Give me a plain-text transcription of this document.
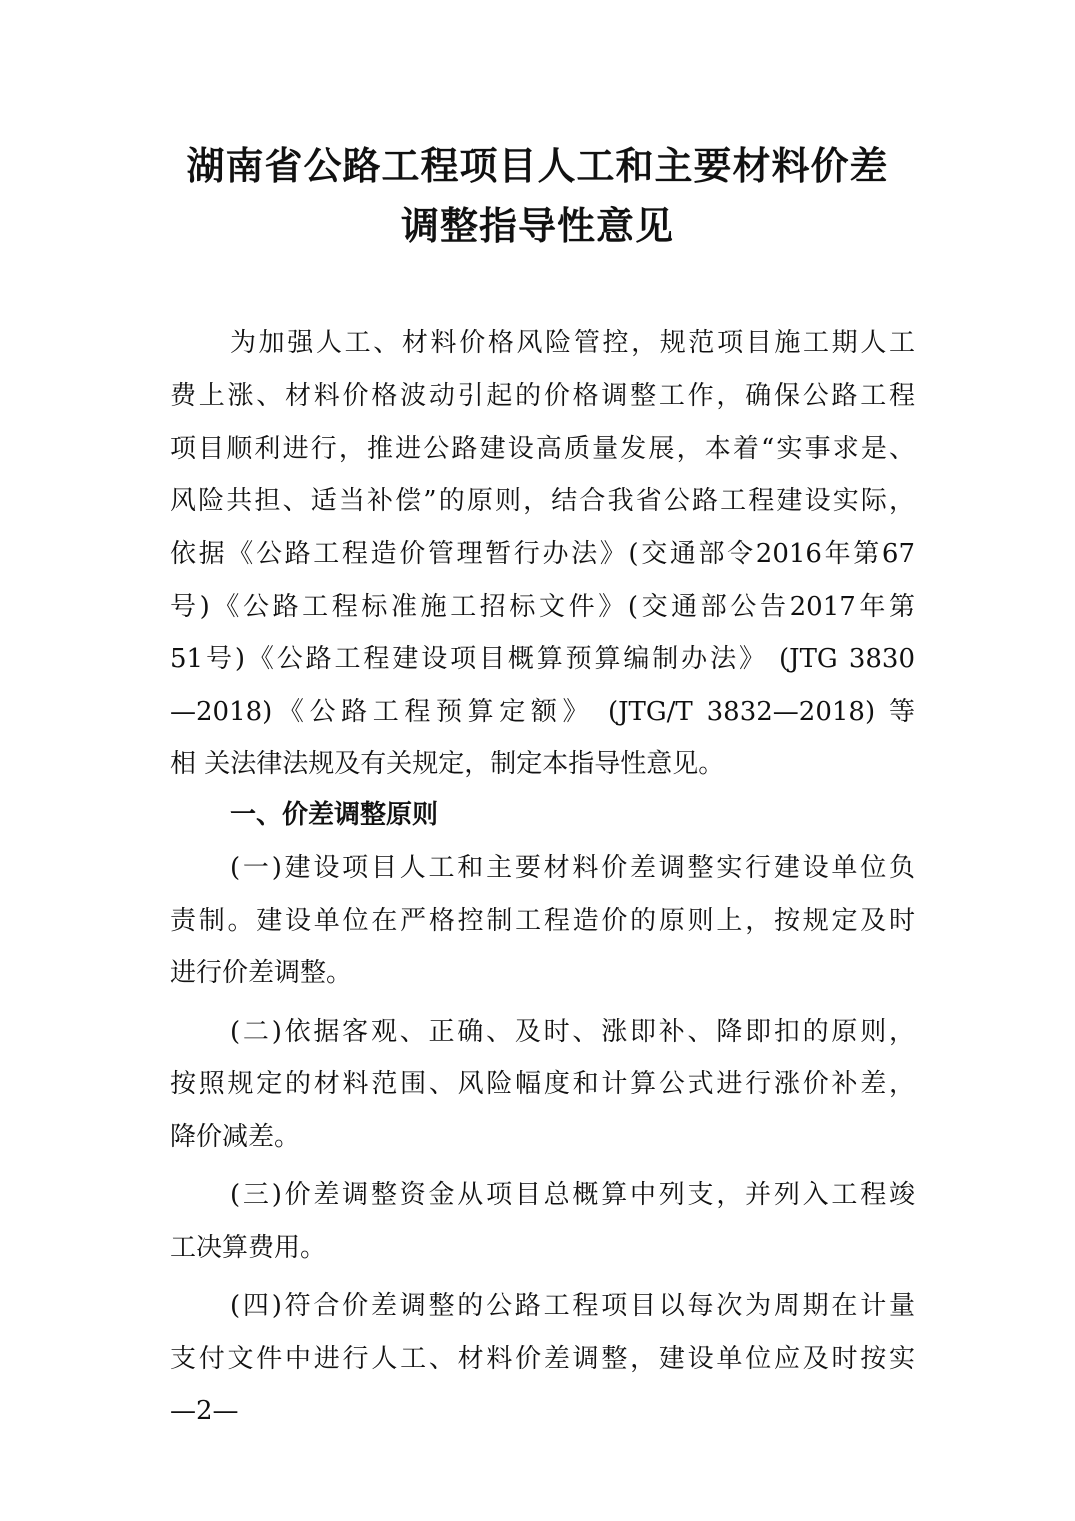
湖南省公路工程项目人工和主要材料价差
调整指导性意见
为加强人工、材料价格风险管控，规范项目施工期人工
费上涨、材料价格波动引起的价格调整工作，确保公路工程
项目顺利进行，推进公路建设高质量发展，本着“实事求是、
风险共担、适当补偿”的原则，结合我省公路工程建设实际，
依据《公路工程造价管理暂行办法》(交通部令2016年第67
号)《公路工程标准施工招标文件》(交通部公告2017年第
51号)《公路工程建设项目概算预算编制办法》 (JTG 3830
—2018)《公路工程预算定额》 (JTG/T 3832—2018) 等
相 关法律法规及有关规定，制定本指导性意见。
一、价差调整原则
(一)建设项目人工和主要材料价差调整实行建设单位负
责制。建设单位在严格控制工程造价的原则上，按规定及时
进行价差调整。
(二)依据客观、正确、及时、涨即补、降即扣的原则，
按照规定的材料范围、风险幅度和计算公式进行涨价补差，
降价减差。
(三)价差调整资金从项目总概算中列支，并列入工程竣
工决算费用。
(四)符合价差调整的公路工程项目以每次为周期在计量
支付文件中进行人工、材料价差调整，建设单位应及时按实
—2—
